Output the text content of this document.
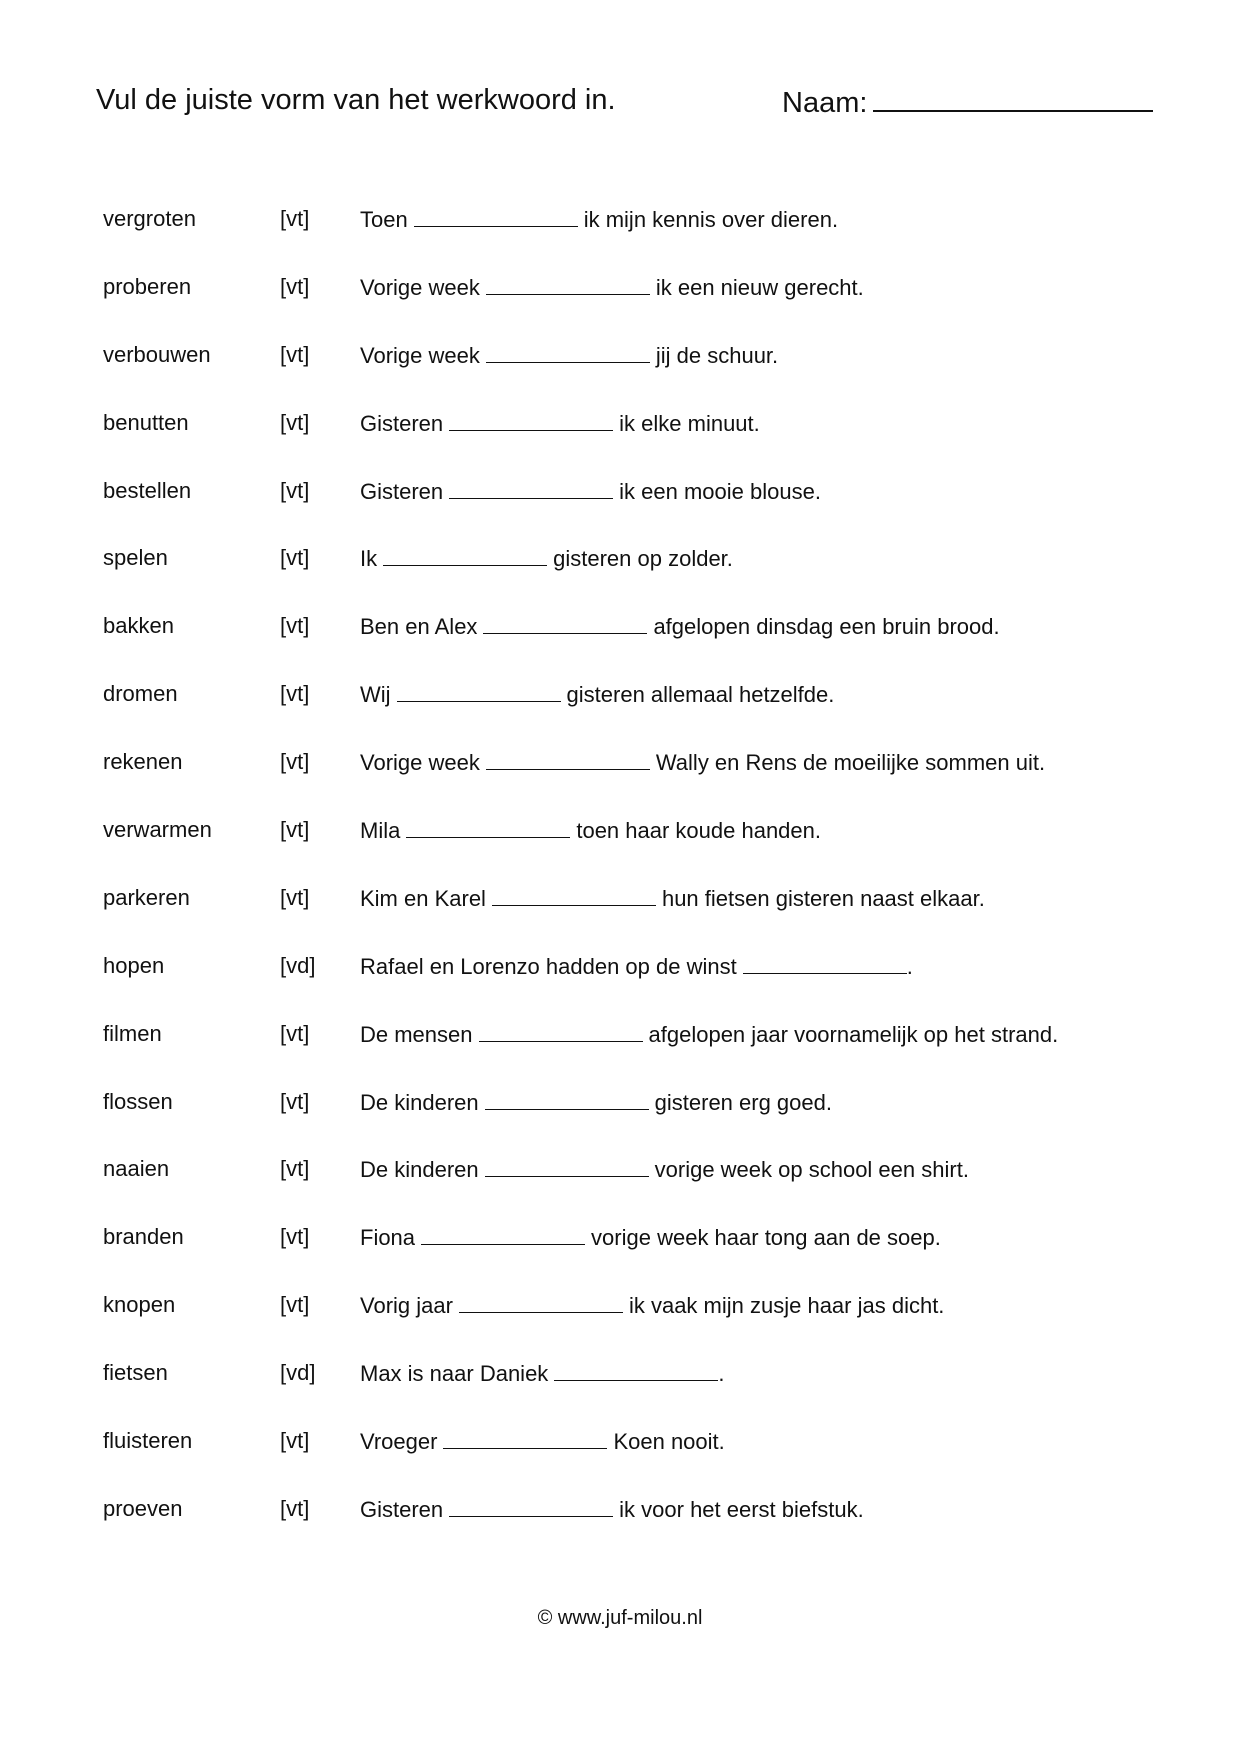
Vul de juiste vorm van het werkwoord in.	Naam:
vergroten	[vt] Toen	ik mijn kennis over dieren.
proberen	[vt] Vorige week	ik een nieuw gerecht.
verbouwen	[vt] Vorige week	jij de schuur.
benutten	[vt] Gisteren	ik elke minuut.
bestellen	[vt] Gisteren	ik een mooie blouse.
spelen	[vt] Ik	gisteren op zolder.
bakken	[vt] Ben en Alex	afgelopen dinsdag een bruin brood.
dromen	[vt] Wij	gisteren allemaal hetzelfde.
rekenen	[vt] Vorige week	Wally en Rens de moeilijke sommen uit.
verwarmen	[vt] Mila	toen haar koude handen.
parkeren	[vt] Kim en Karel	hun fietsen gisteren naast elkaar.
hopen	[vd] Rafael en Lorenzo hadden op de winst	.
filmen	[vt] De mensen	afgelopen jaar voornamelijk op het strand.
flossen	[vt] De kinderen	gisteren erg goed.
naaien	[vt] De kinderen	vorige week op school een shirt.
branden	[vt] Fiona	vorige week haar tong aan de soep.
knopen	[vt] Vorig jaar	ik vaak mijn zusje haar jas dicht.
fietsen	[vd] Max is naar Daniek	.
fluisteren	[vt] Vroeger	Koen nooit.
proeven	[vt] Gisteren	ik voor het eerst biefstuk.
© www.juf-milou.nl
